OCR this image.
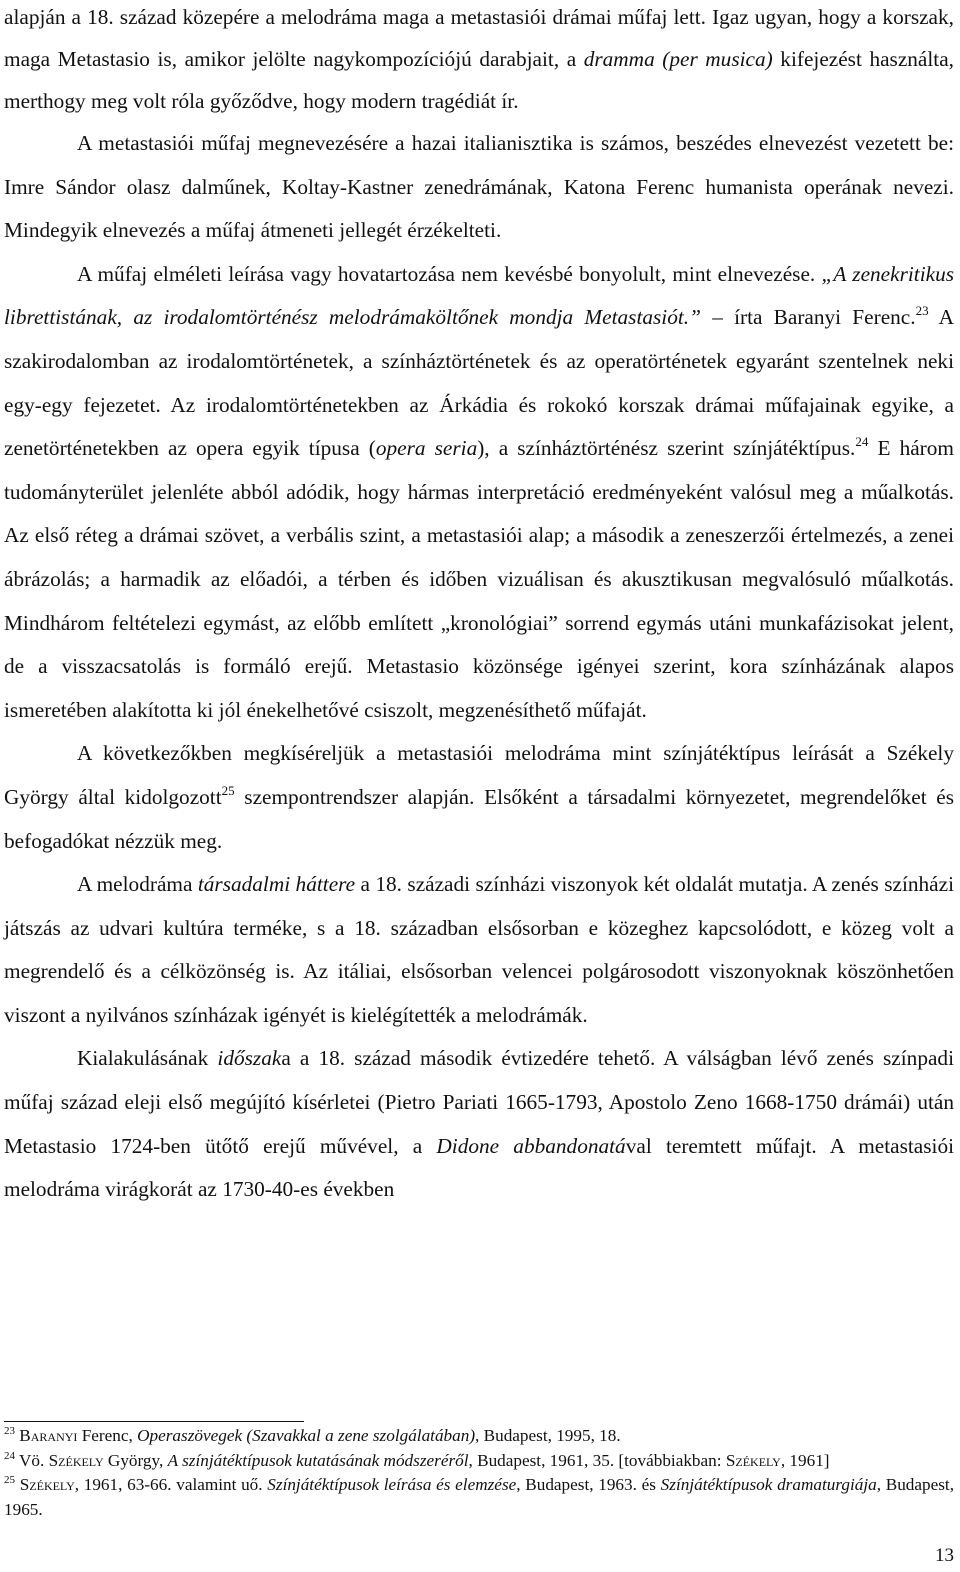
alapján a 18. század közepére a melodráma maga a metastasiói drámai műfaj lett. Igaz ugyan, hogy a korszak, maga Metastasio is, amikor jelölte nagykompozíciójú darabjait, a dramma (per musica) kifejezést használta, merthogy meg volt róla győződve, hogy modern tragédiát ír.

A metastasiói műfaj megnevezésére a hazai italianisztika is számos, beszédes elnevezést vezetett be: Imre Sándor olasz dalműnek, Koltay-Kastner zenedrámának, Katona Ferenc humanista operának nevezi. Mindegyik elnevezés a műfaj átmeneti jellegét érzékelteti.

A műfaj elméleti leírása vagy hovatartozása nem kevésbé bonyolult, mint elnevezése. „A zenekritikus librettistának, az irodalomtörténész melodrámaköltőnek mondja Metastasiót.” – írta Baranyi Ferenc.$^{23}$ A szakirodalomban az irodalomtörténetek, a színháztörténetek és az operatörténetek egyaránt szentelnek neki egy-egy fejezetet. Az irodalomtörténetekben az Árkádia és rokokó korszak drámai műfajainak egyike, a zenetörténetekben az opera egyik típusa (opera seria), a színháztörténész szerint színjátéktípus.$^{24}$ E három tudományterület jelenléte abból adódik, hogy hármas interpretáció eredményeként valósul meg a műalkotás. Az első réteg a drámai szövet, a verbális szint, a metastasiói alap; a második a zeneszerzői értelmezés, a zenei ábrázolás; a harmadik az előadói, a térben és időben vizuálisan és akusztikusan megvalósuló műalkotás. Mindhárom feltételezi egymást, az előbb említett „kronológiai” sorrend egymás utáni munkafázisokat jelent, de a visszacsatolás is formáló erejű. Metastasio közönsége igényei szerint, kora színházának alapos ismeretében alakította ki jól énekelhetővé csiszolt, megzenésíthető műfaját.

A következőkben megkíséreljük a metastasiói melodráma mint színjátéktípus leírását a Székely György által kidolgozott$^{25}$ szempontrendszer alapján. Elsőként a társadalmi környezetet, megrendelőket és befogadókat nézzük meg.

A melodráma társadalmi háttere a 18. századi színházi viszonyok két oldalát mutatja. A zenés színházi játszás az udvari kultúra terméke, s a 18. században elsősorban e közeghez kapcsolódott, e közeg volt a megrendelő és a célközönség is. Az itáliai, elsősorban velencei polgárosodott viszonyoknak köszönhetően viszont a nyilvános színházak igényét is kielégítették a melodrámák.

Kialakulásának időszaka a 18. század második évtizedére tehető. A válságban lévő zenés színpadi műfaj század eleji első megújító kísérletei (Pietro Pariati 1665-1793, Apostolo Zeno 1668-1750 drámái) után Metastasio 1724-ben ütőtő erejű művével, a Didone abbandonatával teremtett műfajt. A metastasiói melodráma virágkorát az 1730-40-es években

$^{23}$ Baranyi Ferenc, Operaszövegek (Szavakkal a zene szolgálatában), Budapest, 1995, 18.

$^{24}$ Vö. Székely György, A színjátéktípusok kutatásának módszeréről, Budapest, 1961, 35. [továbbiakban: Székely, 1961]

$^{25}$ Székely, 1961, 63-66. valamint uő. Színjátéktípusok leírása és elemzése, Budapest, 1963. és Színjátéktípusok dramaturgiája, Budapest, 1965.

13
